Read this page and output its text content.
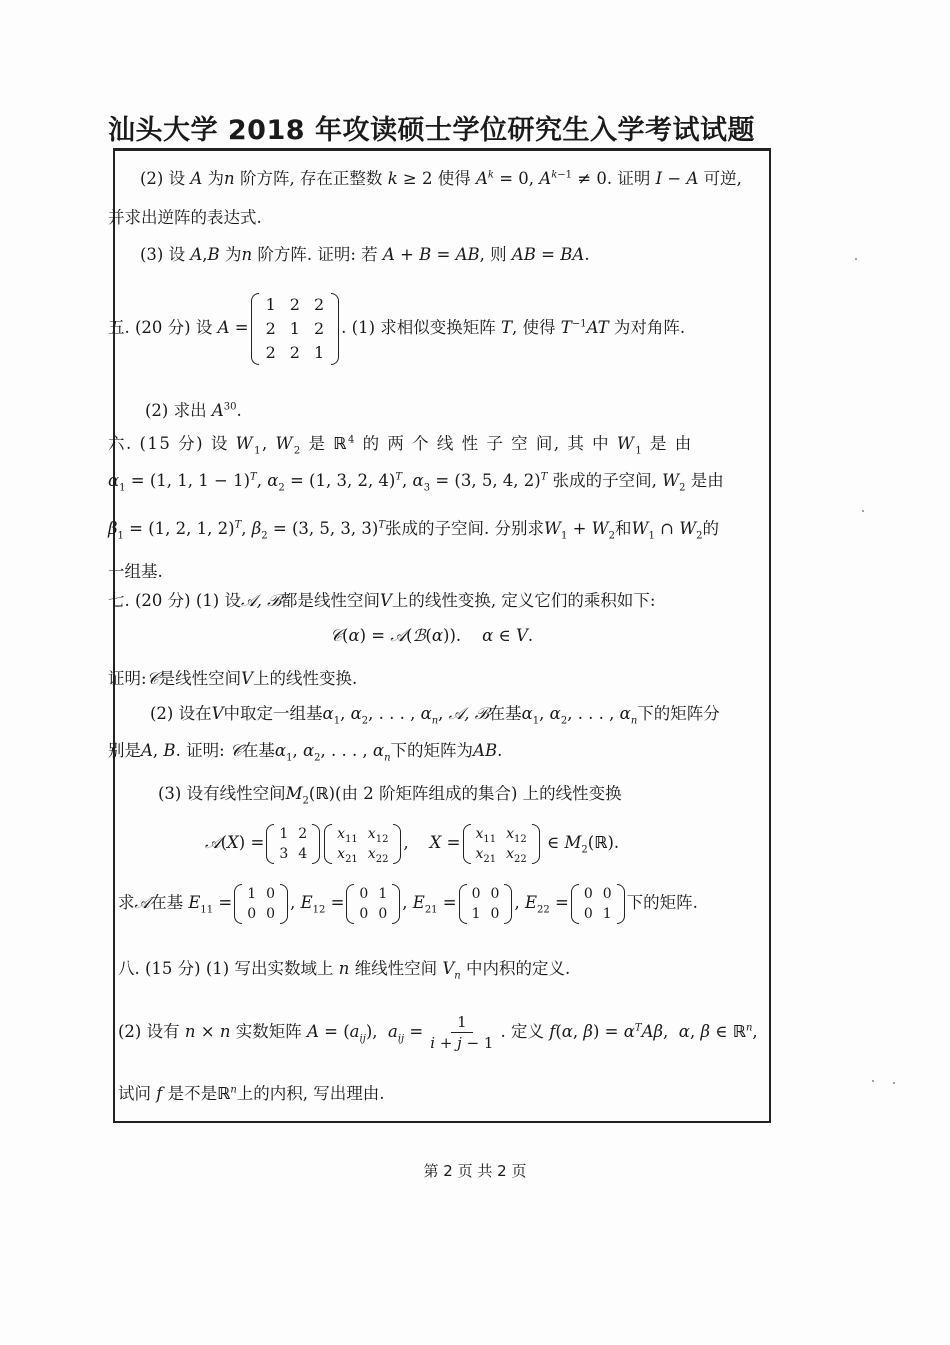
汕头大学 2018 年攻读硕士学位研究生入学考试试题
(2) 设 A 为n 阶方阵, 存在正整数 k ≥ 2 使得 $A^k = 0$, $A^{k-1} \ne 0$. 证明 I − A 可逆,
并求出逆阵的表达式.
(3) 设 A,B 为n 阶方阵. 证明: 若 A + B = AB, 则 AB = BA.
五. (20 分) 设 A =
1	2	2
2	1	2
2	2	1
. (1) 求相似变换矩阵 T, 使得 $T^{-1}AT$ 为对角阵.
(2) 求出 $A^{30}$.
六. (15 分) 设 $W_1$, $W_2$ 是 ℝ$^4$ 的 两 个 线 性 子 空 间, 其 中 $W_1$ 是 由
$\alpha_1 = (1$, 1, 1 − 1)$^T$, $\alpha_2 = (1$, 3, 2, 4)$^T$, $\alpha_3 = (3$, 5, 4, 2)$^T$ 张成的子空间, $W_2$ 是由
$\beta_1 = (1$, 2, 1, 2)$^T$, $\beta_2 = (3$, 5, 3, 3)$^T$张成的子空间. 分别求$W_1 + W_2$和$W_1$ ∩ $W_2$的
一组基.
七. (20 分) (1) 设𝒜, ℬ都是线性空间V上的线性变换, 定义它们的乘积如下:
𝒞(α) = 𝒜(ℬ(α)).    α ∈ V.
证明:𝒞是线性空间V上的线性变换.
(2) 设在V中取定一组基$\alpha_1$, $\alpha_2$, . . . , $\alpha_n$, 𝒜, ℬ在基$\alpha_1$, $\alpha_2$, . . . , $\alpha_n$下的矩阵分
别是A, B. 证明: 𝒞在基$\alpha_1$, $\alpha_2$, . . . , $\alpha_n$下的矩阵为AB.
(3) 设有线性空间$M_2(ℝ)$(由 2 阶矩阵组成的集合) 上的线性变换
𝒜(X) = 1	2
3	4
$x_{11}$	$x_{12}$
$x_{21}$	$x_{22}$
,    $X = x_{11}$	$x_{12}$
$x_{21}$	$x_{22}$
∈ $M_2(ℝ)$.
求𝒜在基 $E_{11} = 1$	0
0	0
, $E_{12} = 0$	1
0	0
, $E_{21} = 0$	0
1	0
, $E_{22} = 0$	0
0	1
下的矩阵.
八. (15 分) (1) 写出实数域上 n 维线性空间 $V_n$ 中内积的定义.
(2) 设有 n × n 实数矩阵 $A = (a_{ij})$,  $a_{ij} = \frac{1}{i + j - 1}$ . 定义 f(α, $\beta) = \alpha^TA\beta$,  α, β ∈ ℝ$^n$,
试问 f 是不是ℝ$^n$上的内积, 写出理由.
第 2 页 共 2 页
